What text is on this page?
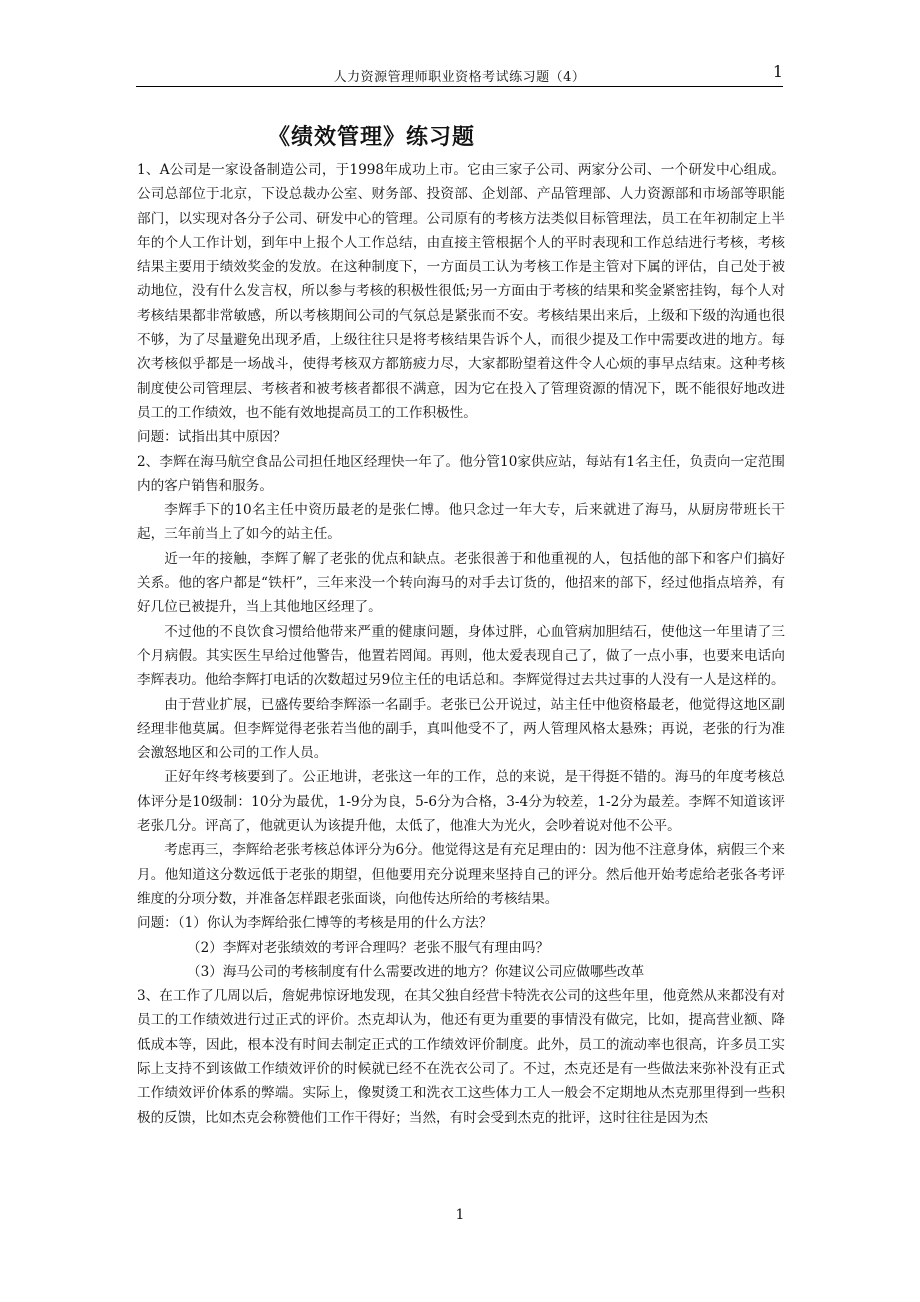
人力资源管理师职业资格考试练习题（4）	1
《绩效管理》练习题

1、A公司是一家设备制造公司，于1998年成功上市。它由三家子公司、两家分公司、一个研发中心组成。公司总部位于北京，下设总裁办公室、财务部、投资部、企划部、产品管理部、人力资源部和市场部等职能部门，以实现对各分子公司、研发中心的管理。公司原有的考核方法类似目标管理法，员工在年初制定上半年的个人工作计划，到年中上报个人工作总结，由直接主管根据个人的平时表现和工作总结进行考核，考核结果主要用于绩效奖金的发放。在这种制度下，一方面员工认为考核工作是主管对下属的评估，自己处于被动地位，没有什么发言权，所以参与考核的积极性很低;另一方面由于考核的结果和奖金紧密挂钩，每个人对考核结果都非常敏感，所以考核期间公司的气氛总是紧张而不安。考核结果出来后，上级和下级的沟通也很不够，为了尽量避免出现矛盾，上级往往只是将考核结果告诉个人，而很少提及工作中需要改进的地方。每次考核似乎都是一场战斗，使得考核双方都筋疲力尽，大家都盼望着这件令人心烦的事早点结束。这种考核制度使公司管理层、考核者和被考核者都很不满意，因为它在投入了管理资源的情况下，既不能很好地改进员工的工作绩效，也不能有效地提高员工的工作积极性。

问题：试指出其中原因？

2、李辉在海马航空食品公司担任地区经理快一年了。他分管10家供应站，每站有1名主任，负责向一定范围内的客户销售和服务。

李辉手下的10名主任中资历最老的是张仁博。他只念过一年大专，后来就进了海马，从厨房带班长干起，三年前当上了如今的站主任。

近一年的接触，李辉了解了老张的优点和缺点。老张很善于和他重视的人，包括他的部下和客户们搞好关系。他的客户都是“铁杆”，三年来没一个转向海马的对手去订货的，他招来的部下，经过他指点培养，有好几位已被提升，当上其他地区经理了。

不过他的不良饮食习惯给他带来严重的健康问题，身体过胖，心血管病加胆结石，使他这一年里请了三个月病假。其实医生早给过他警告，他置若罔闻。再则，他太爱表现自己了，做了一点小事，也要来电话向李辉表功。他给李辉打电话的次数超过另9位主任的电话总和。李辉觉得过去共过事的人没有一人是这样的。

由于营业扩展，已盛传要给李辉添一名副手。老张已公开说过，站主任中他资格最老，他觉得这地区副经理非他莫属。但李辉觉得老张若当他的副手，真叫他受不了，两人管理风格太悬殊；再说，老张的行为准会激怒地区和公司的工作人员。

正好年终考核要到了。公正地讲，老张这一年的工作，总的来说，是干得挺不错的。海马的年度考核总体评分是10级制：10分为最优，1-9分为良，5-6分为合格，3-4分为较差，1-2分为最差。李辉不知道该评老张几分。评高了，他就更认为该提升他，太低了，他准大为光火，会吵着说对他不公平。

考虑再三，李辉给老张考核总体评分为6分。他觉得这是有充足理由的：因为他不注意身体，病假三个来月。他知道这分数远低于老张的期望，但他要用充分说理来坚持自己的评分。然后他开始考虑给老张各考评维度的分项分数，并准备怎样跟老张面谈，向他传达所给的考核结果。

问题：（1）你认为李辉给张仁博等的考核是用的什么方法？

（2）李辉对老张绩效的考评合理吗？老张不服气有理由吗？

（3）海马公司的考核制度有什么需要改进的地方？你建议公司应做哪些改革

3、在工作了几周以后，詹妮弗惊讶地发现，在其父独自经营卡特洗衣公司的这些年里，他竟然从来都没有对员工的工作绩效进行过正式的评价。杰克却认为，他还有更为重要的事情没有做完，比如，提高营业额、降低成本等，因此，根本没有时间去制定正式的工作绩效评价制度。此外，员工的流动率也很高，许多员工实际上支持不到该做工作绩效评价的时候就已经不在洗衣公司了。不过，杰克还是有一些做法来弥补没有正式工作绩效评价体系的弊端。实际上，像熨烫工和洗衣工这些体力工人一般会不定期地从杰克那里得到一些积极的反馈，比如杰克会称赞他们工作干得好；当然，有时会受到杰克的批评，这时往往是因为杰

1
